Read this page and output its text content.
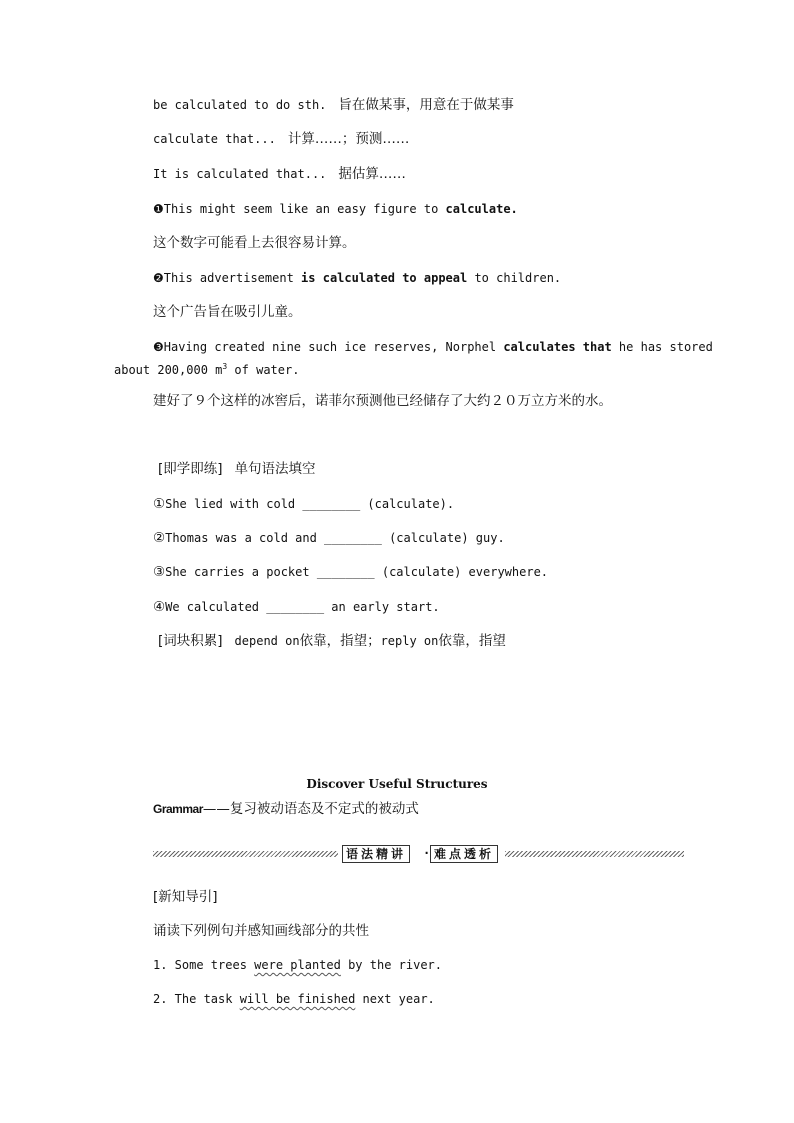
be calculated to do sth. 旨在做某事，用意在于做某事
calculate that... 计算……；预测……
It is calculated that... 据估算……
❶This might seem like an easy figure to calculate.
这个数字可能看上去很容易计算。
❷This advertisement is calculated to appeal to children.
这个广告旨在吸引儿童。
❸Having created nine such ice reserves, Norphel calculates that he has stored
about 200,000 $m^3$ of water.
建好了９个这样的冰窖后，诺菲尔预测他已经储存了大约２０万立方米的水。
[即学即练] 单句语法填空
①She lied with cold ________ (calculate).
②Thomas was a cold and ________ (calculate) guy.
③She carries a pocket ________ (calculate) everywhere.
④We calculated ________ an early start.
[词块积累] depend on依靠，指望；reply on依靠，指望
Discover Useful Structures
Grammar——复习被动语态及不定式的被动式
语法精讲	· 难点透析
[新知导引]
诵读下列例句并感知画线部分的共性
1. Some trees were planted by the river.
2. The task will be finished next year.
